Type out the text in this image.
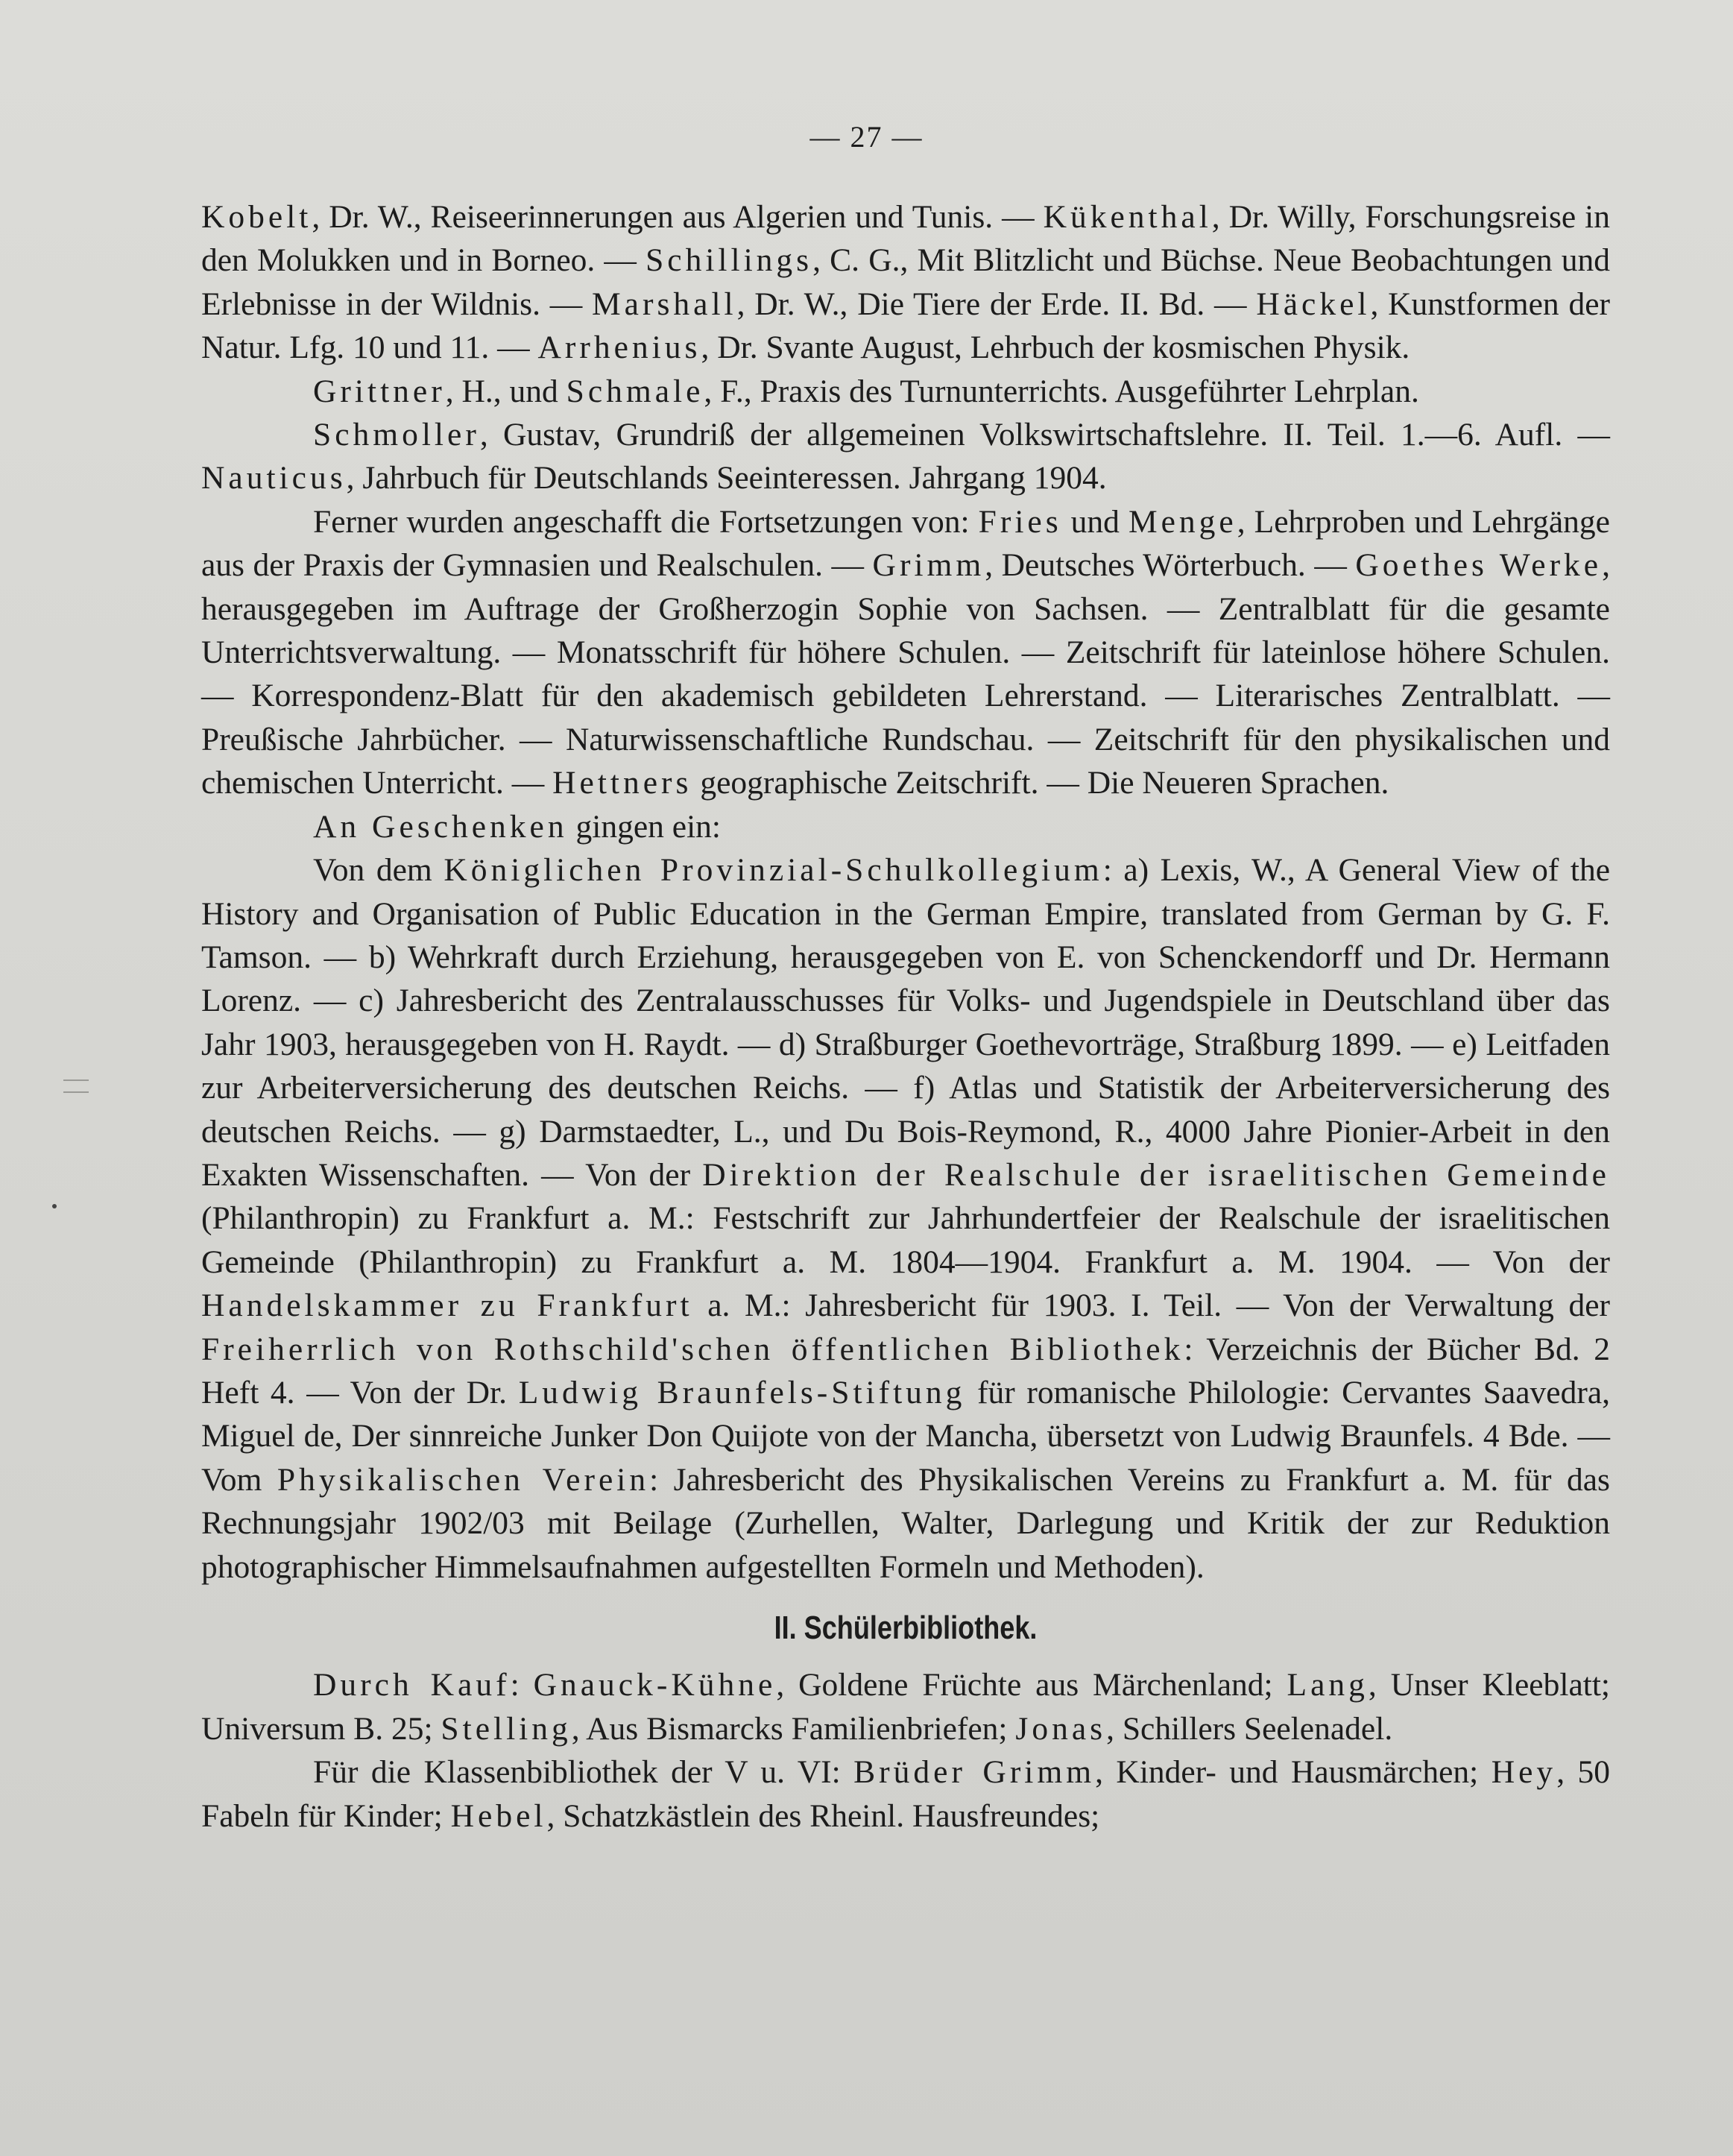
— 27 —

Kobelt, Dr. W., Reiseerinnerungen aus Algerien und Tunis. — Kükenthal, Dr. Willy, Forschungsreise in den Molukken und in Borneo. — Schillings, C. G., Mit Blitzlicht und Büchse. Neue Beobachtungen und Erlebnisse in der Wildnis. — Marshall, Dr. W., Die Tiere der Erde. II. Bd. — Häckel, Kunstformen der Natur. Lfg. 10 und 11. — Arrhenius, Dr. Svante August, Lehrbuch der kosmischen Physik.

Grittner, H., und Schmale, F., Praxis des Turnunterrichts. Ausgeführter Lehrplan.

Schmoller, Gustav, Grundriß der allgemeinen Volkswirtschaftslehre. II. Teil. 1.—6. Aufl. — Nauticus, Jahrbuch für Deutschlands Seeinteressen. Jahrgang 1904.

Ferner wurden angeschafft die Fortsetzungen von: Fries und Menge, Lehrproben und Lehrgänge aus der Praxis der Gymnasien und Realschulen. — Grimm, Deutsches Wörterbuch. — Goethes Werke, herausgegeben im Auftrage der Großherzogin Sophie von Sachsen. — Zentralblatt für die gesamte Unterrichtsverwaltung. — Monatsschrift für höhere Schulen. — Zeitschrift für lateinlose höhere Schulen. — Korrespondenz-Blatt für den akademisch gebildeten Lehrerstand. — Literarisches Zentralblatt. — Preußische Jahrbücher. — Naturwissenschaftliche Rundschau. — Zeitschrift für den physikalischen und chemischen Unterricht. — Hettners geographische Zeitschrift. — Die Neueren Sprachen.

An Geschenken gingen ein:

Von dem Königlichen Provinzial-Schulkollegium: a) Lexis, W., A General View of the History and Organisation of Public Education in the German Empire, translated from German by G. F. Tamson. — b) Wehrkraft durch Erziehung, herausgegeben von E. von Schenckendorff und Dr. Hermann Lorenz. — c) Jahresbericht des Zentralausschusses für Volks- und Jugendspiele in Deutschland über das Jahr 1903, herausgegeben von H. Raydt. — d) Straßburger Goethevorträge, Straßburg 1899. — e) Leitfaden zur Arbeiterversicherung des deutschen Reichs. — f) Atlas und Statistik der Arbeiterversicherung des deutschen Reichs. — g) Darmstaedter, L., und Du Bois-Reymond, R., 4000 Jahre Pionier-Arbeit in den Exakten Wissenschaften. — Von der Direktion der Realschule der israelitischen Gemeinde (Philanthropin) zu Frankfurt a. M.: Festschrift zur Jahrhundertfeier der Realschule der israelitischen Gemeinde (Philanthropin) zu Frankfurt a. M. 1804—1904. Frankfurt a. M. 1904. — Von der Handelskammer zu Frankfurt a. M.: Jahresbericht für 1903. I. Teil. — Von der Verwaltung der Freiherrlich von Rothschild'schen öffentlichen Bibliothek: Verzeichnis der Bücher Bd. 2 Heft 4. — Von der Dr. Ludwig Braunfels-Stiftung für romanische Philologie: Cervantes Saavedra, Miguel de, Der sinnreiche Junker Don Quijote von der Mancha, übersetzt von Ludwig Braunfels. 4 Bde. — Vom Physikalischen Verein: Jahresbericht des Physikalischen Vereins zu Frankfurt a. M. für das Rechnungsjahr 1902/03 mit Beilage (Zurhellen, Walter, Darlegung und Kritik der zur Reduktion photographischer Himmelsaufnahmen aufgestellten Formeln und Methoden).

II. Schülerbibliothek.

Durch Kauf: Gnauck-Kühne, Goldene Früchte aus Märchenland; Lang, Unser Kleeblatt; Universum B. 25; Stelling, Aus Bismarcks Familienbriefen; Jonas, Schillers Seelenadel.

Für die Klassenbibliothek der V u. VI: Brüder Grimm, Kinder- und Hausmärchen; Hey, 50 Fabeln für Kinder; Hebel, Schatzkästlein des Rheinl. Hausfreundes;
